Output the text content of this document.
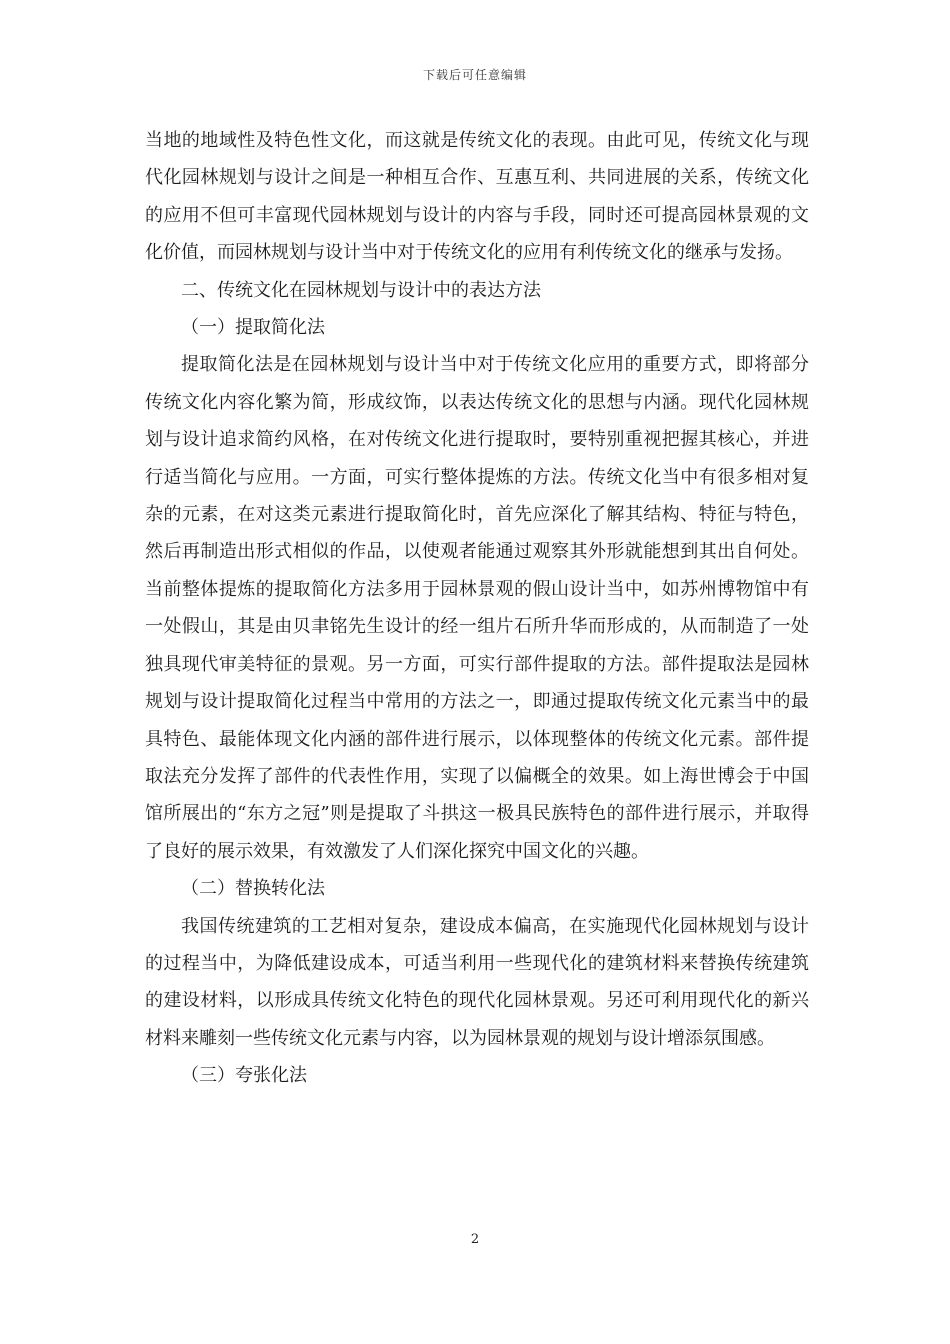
下载后可任意编辑

当地的地域性及特色性文化，而这就是传统文化的表现。由此可见，传统文化与现代化园林规划与设计之间是一种相互合作、互惠互利、共同进展的关系，传统文化的应用不但可丰富现代园林规划与设计的内容与手段，同时还可提高园林景观的文化价值，而园林规划与设计当中对于传统文化的应用有利传统文化的继承与发扬。

二、传统文化在园林规划与设计中的表达方法

（一）提取简化法

提取简化法是在园林规划与设计当中对于传统文化应用的重要方式，即将部分传统文化内容化繁为简，形成纹饰，以表达传统文化的思想与内涵。现代化园林规划与设计追求简约风格，在对传统文化进行提取时，要特别重视把握其核心，并进行适当简化与应用。一方面，可实行整体提炼的方法。传统文化当中有很多相对复杂的元素，在对这类元素进行提取简化时，首先应深化了解其结构、特征与特色，然后再制造出形式相似的作品，以使观者能通过观察其外形就能想到其出自何处。当前整体提炼的提取简化方法多用于园林景观的假山设计当中，如苏州博物馆中有一处假山，其是由贝聿铭先生设计的经一组片石所升华而形成的，从而制造了一处独具现代审美特征的景观。另一方面，可实行部件提取的方法。部件提取法是园林规划与设计提取简化过程当中常用的方法之一，即通过提取传统文化元素当中的最具特色、最能体现文化内涵的部件进行展示，以体现整体的传统文化元素。部件提取法充分发挥了部件的代表性作用，实现了以偏概全的效果。如上海世博会于中国馆所展出的“东方之冠”则是提取了斗拱这一极具民族特色的部件进行展示，并取得了良好的展示效果，有效激发了人们深化探究中国文化的兴趣。

（二）替换转化法

我国传统建筑的工艺相对复杂，建设成本偏高，在实施现代化园林规划与设计的过程当中，为降低建设成本，可适当利用一些现代化的建筑材料来替换传统建筑的建设材料，以形成具传统文化特色的现代化园林景观。另还可利用现代化的新兴材料来雕刻一些传统文化元素与内容，以为园林景观的规划与设计增添氛围感。

（三）夸张化法

2
